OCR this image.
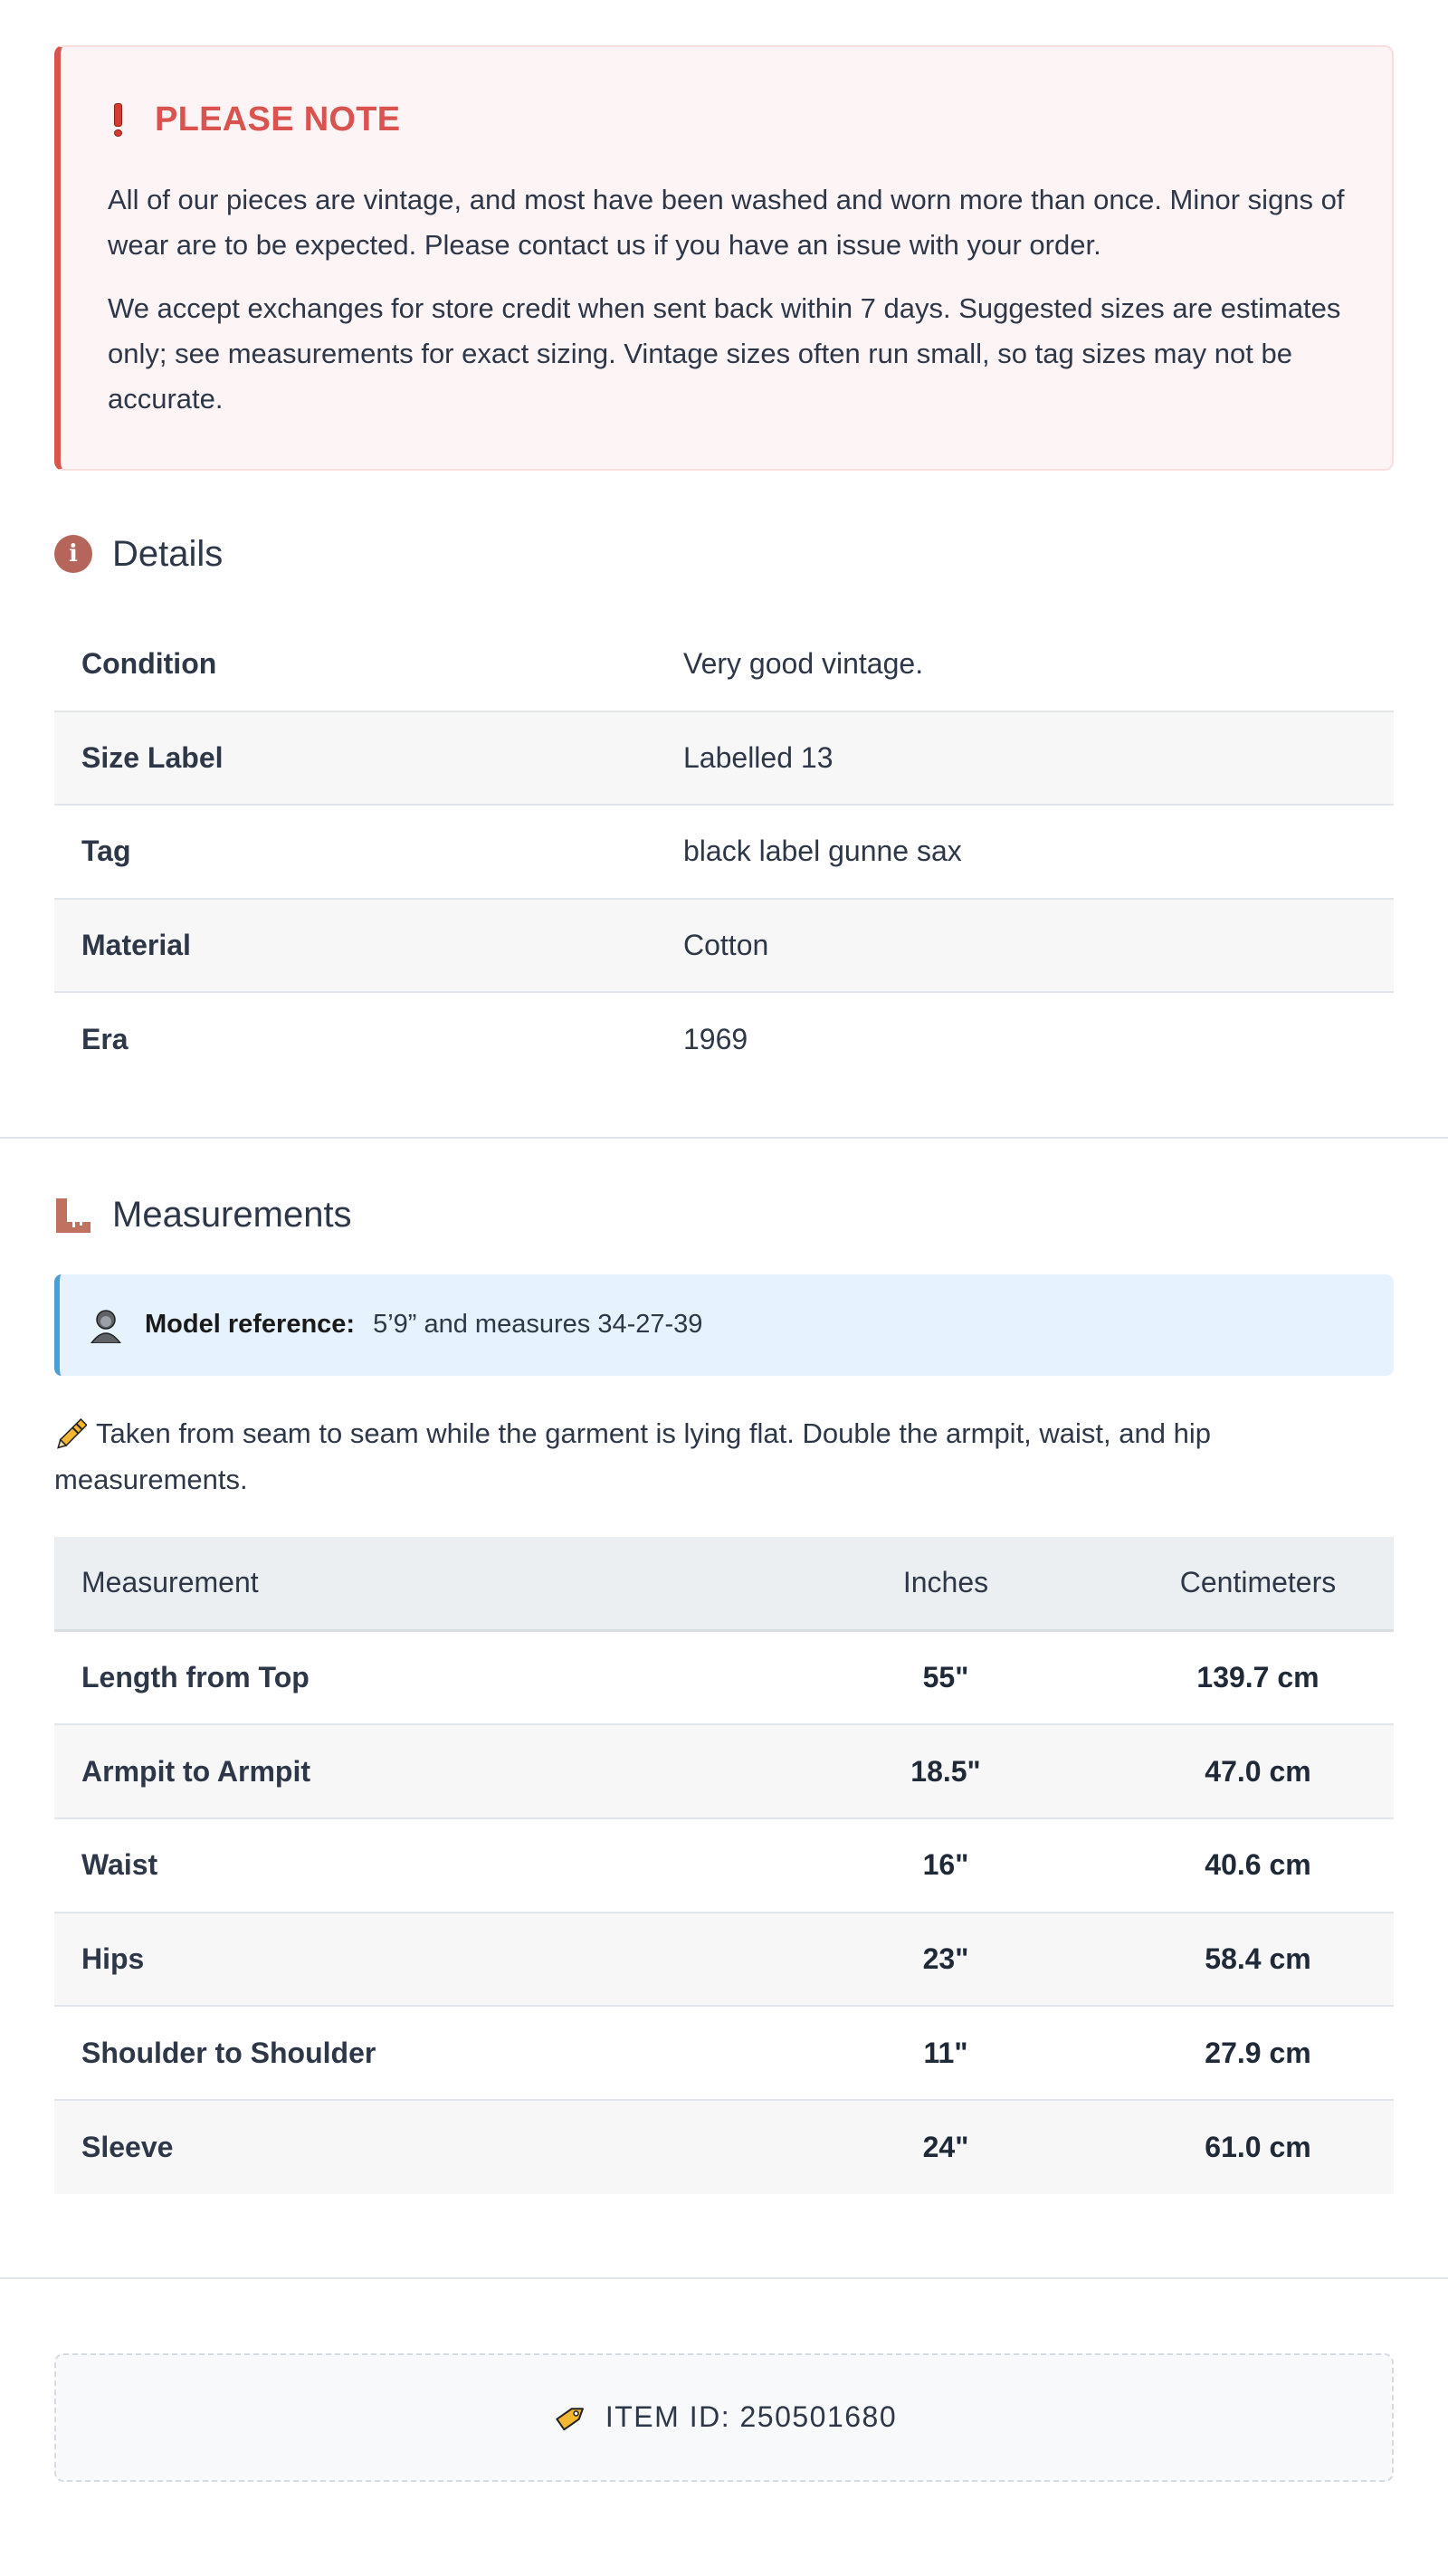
PLEASE NOTE

All of our pieces are vintage, and most have been washed and worn more than once. Minor signs of wear are to be expected. Please contact us if you have an issue with your order.

We accept exchanges for store credit when sent back within 7 days. Suggested sizes are estimates only; see measurements for exact sizing. Vintage sizes often run small, so tag sizes may not be accurate.

i Details
Condition	Very good vintage.
Size Label	Labelled 13
Tag	black label gunne sax
Material	Cotton
Era	1969
Measurements
Model reference: 5’9” and measures 34-27-39

Taken from seam to seam while the garment is lying flat. Double the armpit, waist, and hip measurements.

Measurement	Inches	Centimeters
Length from Top	55"	139.7 cm
Armpit to Armpit	18.5"	47.0 cm
Waist	16"	40.6 cm
Hips	23"	58.4 cm
Shoulder to Shoulder	11"	27.9 cm
Sleeve	24"	61.0 cm
ITEM ID: 250501680
